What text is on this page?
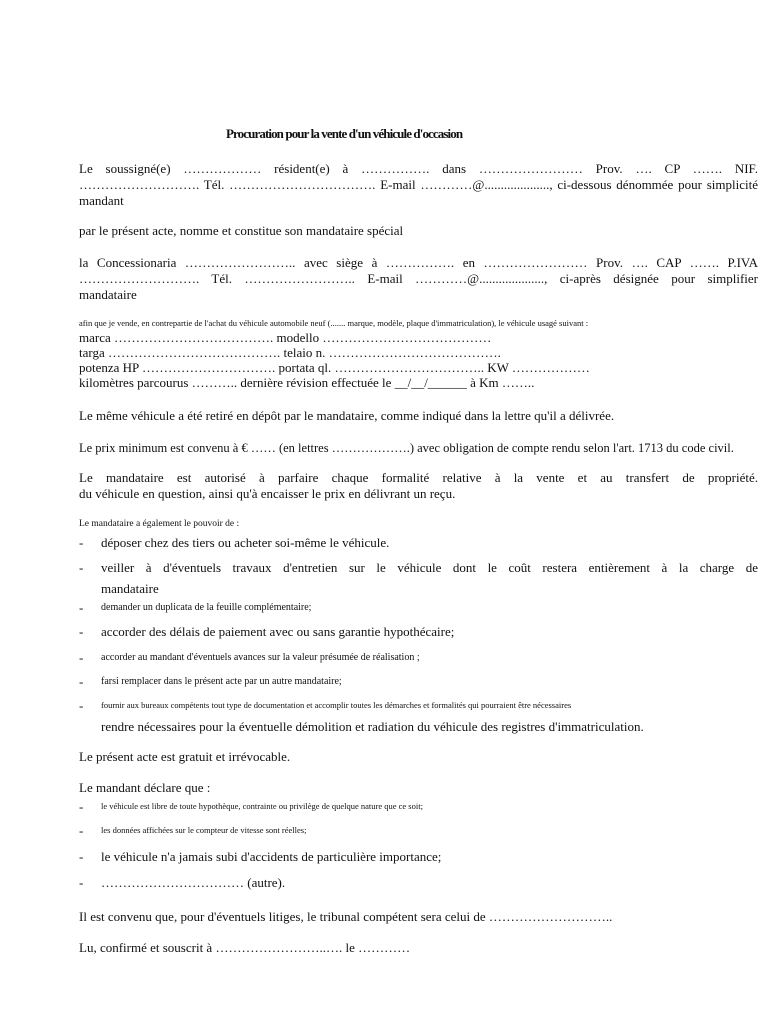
Procuration pour la vente d'un véhicule d'occasion
Le soussigné(e) ……………… résident(e) à ……………. dans …………………… Prov. …. CP ……. NIF.
………………………. Tél. ……………………………. E-mail …………@...................., ci-dessous dénommée pour simplicité
mandant
par le présent acte, nomme et constitue son mandataire spécial
la Concessionaria …………………….. avec siège à ……………. en …………………… Prov. …. CAP ……. P.IVA
………………………. Tél. …………………….. E-mail …………@...................., ci-après désignée pour simplifier
mandataire
afin que je vende, en contrepartie de l'achat du véhicule automobile neuf (....... marque, modèle, plaque d'immatriculation), le véhicule usagé suivant :
marca ………………………………. modello …………………………………
targa …………………………………. telaio n. ………………………………….
potenza HP …………………………. portata ql. …………………………….. KW ………………
kilomètres parcourus ……….. dernière révision effectuée le __/__/______ à Km ……..
Le même véhicule a été retiré en dépôt par le mandataire, comme indiqué dans la lettre qu'il a délivrée.
Le prix minimum est convenu à € …… (en lettres ……………….) avec obligation de compte rendu selon l'art. 1713 du code civil.
Le mandataire est autorisé à parfaire chaque formalité relative à la vente et au transfert de propriété.
du véhicule en question, ainsi qu'à encaisser le prix en délivrant un reçu.
Le mandataire a également le pouvoir de :
- déposer chez des tiers ou acheter soi-même le véhicule.
- veiller à d'éventuels travaux d'entretien sur le véhicule dont le coût restera entièrement à la charge de
mandataire
- demander un duplicata de la feuille complémentaire;
- accorder des délais de paiement avec ou sans garantie hypothécaire;
- accorder au mandant d'éventuels avances sur la valeur présumée de réalisation ;
- farsi remplacer dans le présent acte par un autre mandataire;
- fournir aux bureaux compétents tout type de documentation et accomplir toutes les démarches et formalités qui pourraient être nécessaires
rendre nécessaires pour la éventuelle démolition et radiation du véhicule des registres d'immatriculation.
Le présent acte est gratuit et irrévocable.
Le mandant déclare que :
- le véhicule est libre de toute hypothèque, contrainte ou privilège de quelque nature que ce soit;
- les données affichées sur le compteur de vitesse sont réelles;
- le véhicule n'a jamais subi d'accidents de particulière importance;
- …………………………… (autre).
Il est convenu que, pour d'éventuels litiges, le tribunal compétent sera celui de ………………………..
Lu, confirmé et souscrit à ……………………..…. le …………
